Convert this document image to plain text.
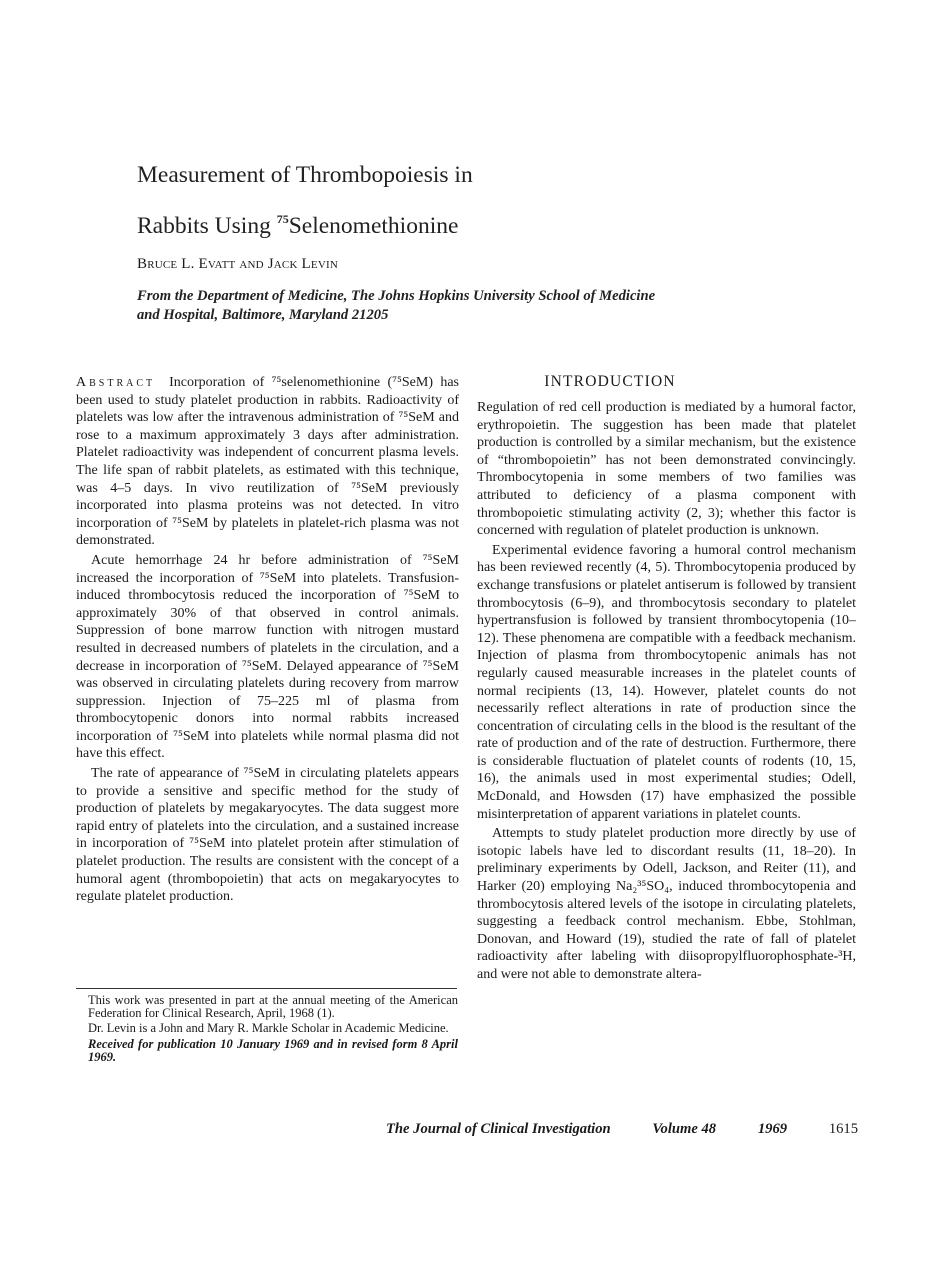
Measurement of Thrombopoiesis in
Rabbits Using $^{75}$Selenomethionine
Bruce L. Evatt and Jack Levin
From the Department of Medicine, The Johns Hopkins University School of Medicine and Hospital, Baltimore, Maryland 21205

Abstract Incorporation of ⁷⁵selenomethionine (⁷⁵SeM) has been used to study platelet production in rabbits. Radioactivity of platelets was low after the intravenous administration of ⁷⁵SeM and rose to a maximum approximately 3 days after administration. Platelet radioactivity was independent of concurrent plasma levels. The life span of rabbit platelets, as estimated with this technique, was 4–5 days. In vivo reutilization of ⁷⁵SeM previously incorporated into plasma proteins was not detected. In vitro incorporation of ⁷⁵SeM by platelets in platelet-rich plasma was not demonstrated.

Acute hemorrhage 24 hr before administration of ⁷⁵SeM increased the incorporation of ⁷⁵SeM into platelets. Transfusion-induced thrombocytosis reduced the incorporation of ⁷⁵SeM to approximately 30% of that observed in control animals. Suppression of bone marrow function with nitrogen mustard resulted in decreased numbers of platelets in the circulation, and a decrease in incorporation of ⁷⁵SeM. Delayed appearance of ⁷⁵SeM was observed in circulating platelets during recovery from marrow suppression. Injection of 75–225 ml of plasma from thrombocytopenic donors into normal rabbits increased incorporation of ⁷⁵SeM into platelets while normal plasma did not have this effect.

The rate of appearance of ⁷⁵SeM in circulating platelets appears to provide a sensitive and specific method for the study of production of platelets by megakaryocytes. The data suggest more rapid entry of platelets into the circulation, and a sustained increase in incorporation of ⁷⁵SeM into platelet protein after stimulation of platelet production. The results are consistent with the concept of a humoral agent (thrombopoietin) that acts on megakaryocytes to regulate platelet production.

This work was presented in part at the annual meeting of the American Federation for Clinical Research, April, 1968 (1).

Dr. Levin is a John and Mary R. Markle Scholar in Academic Medicine.

Received for publication 10 January 1969 and in revised form 8 April 1969.

INTRODUCTION

Regulation of red cell production is mediated by a humoral factor, erythropoietin. The suggestion has been made that platelet production is controlled by a similar mechanism, but the existence of “thrombopoietin” has not been demonstrated convincingly. Thrombocytopenia in some members of two families was attributed to deficiency of a plasma component with thrombopoietic stimulating activity (2, 3); whether this factor is concerned with regulation of platelet production is unknown.

Experimental evidence favoring a humoral control mechanism has been reviewed recently (4, 5). Thrombocytopenia produced by exchange transfusions or platelet antiserum is followed by transient thrombocytosis (6–9), and thrombocytosis secondary to platelet hypertransfusion is followed by transient thrombocytopenia (10–12). These phenomena are compatible with a feedback mechanism. Injection of plasma from thrombocytopenic animals has not regularly caused measurable increases in the platelet counts of normal recipients (13, 14). However, platelet counts do not necessarily reflect alterations in rate of production since the concentration of circulating cells in the blood is the resultant of the rate of production and of the rate of destruction. Furthermore, there is considerable fluctuation of platelet counts of rodents (10, 15, 16), the animals used in most experimental studies; Odell, McDonald, and Howsden (17) have emphasized the possible misinterpretation of apparent variations in platelet counts.

Attempts to study platelet production more directly by use of isotopic labels have led to discordant results (11, 18–20). In preliminary experiments by Odell, Jackson, and Reiter (11), and Harker (20) employing Na₂³⁵SO₄, induced thrombocytopenia and thrombocytosis altered levels of the isotope in circulating platelets, suggesting a feedback control mechanism. Ebbe, Stohlman, Donovan, and Howard (19), studied the rate of fall of platelet radioactivity after labeling with diisopropylfluorophosphate-³H, and were not able to demonstrate altera-

The Journal of Clinical Investigation	Volume 48	1969	1615
